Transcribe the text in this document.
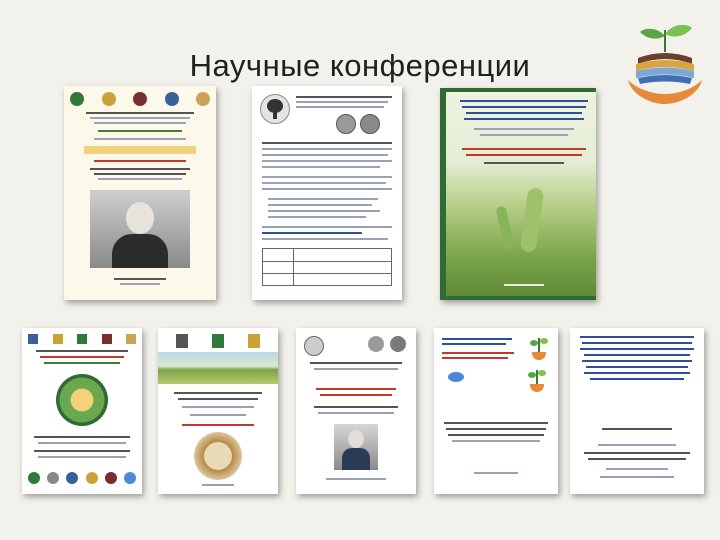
Научные конференции
